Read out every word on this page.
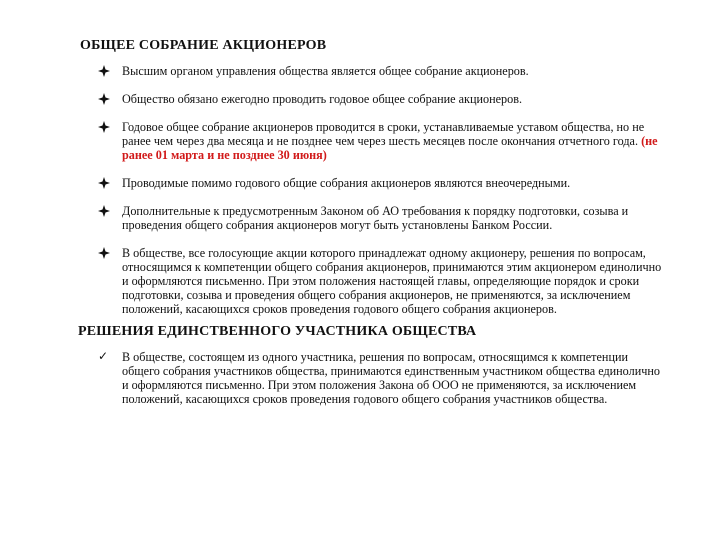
ОБЩЕЕ СОБРАНИЕ АКЦИОНЕРОВ
Высшим органом управления общества является общее собрание акционеров.
Общество обязано ежегодно проводить годовое общее собрание акционеров.
Годовое общее собрание акционеров проводится в сроки, устанавливаемые уставом общества, но не ранее чем через два месяца и не позднее чем через шесть месяцев после окончания отчетного года. (не ранее 01 марта и не позднее 30 июня)
Проводимые помимо годового общие собрания акционеров являются внеочередными.
Дополнительные к предусмотренным Законом об АО требования к порядку подготовки, созыва и проведения общего собрания акционеров могут быть установлены Банком России.
В обществе, все голосующие акции которого принадлежат одному акционеру, решения по вопросам, относящимся к компетенции общего собрания акционеров, принимаются этим акционером единолично и оформляются письменно. При этом положения настоящей главы, определяющие порядок и сроки подготовки, созыва и проведения общего собрания акционеров, не применяются, за исключением положений, касающихся сроков проведения годового общего собрания акционеров.
РЕШЕНИЯ ЕДИНСТВЕННОГО УЧАСТНИКА ОБЩЕСТВА
✓ В обществе, состоящем из одного участника, решения по вопросам, относящимся к компетенции общего собрания участников общества, принимаются единственным участником общества единолично и оформляются письменно. При этом положения Закона об ООО не применяются, за исключением положений, касающихся сроков проведения годового общего собрания участников общества.
